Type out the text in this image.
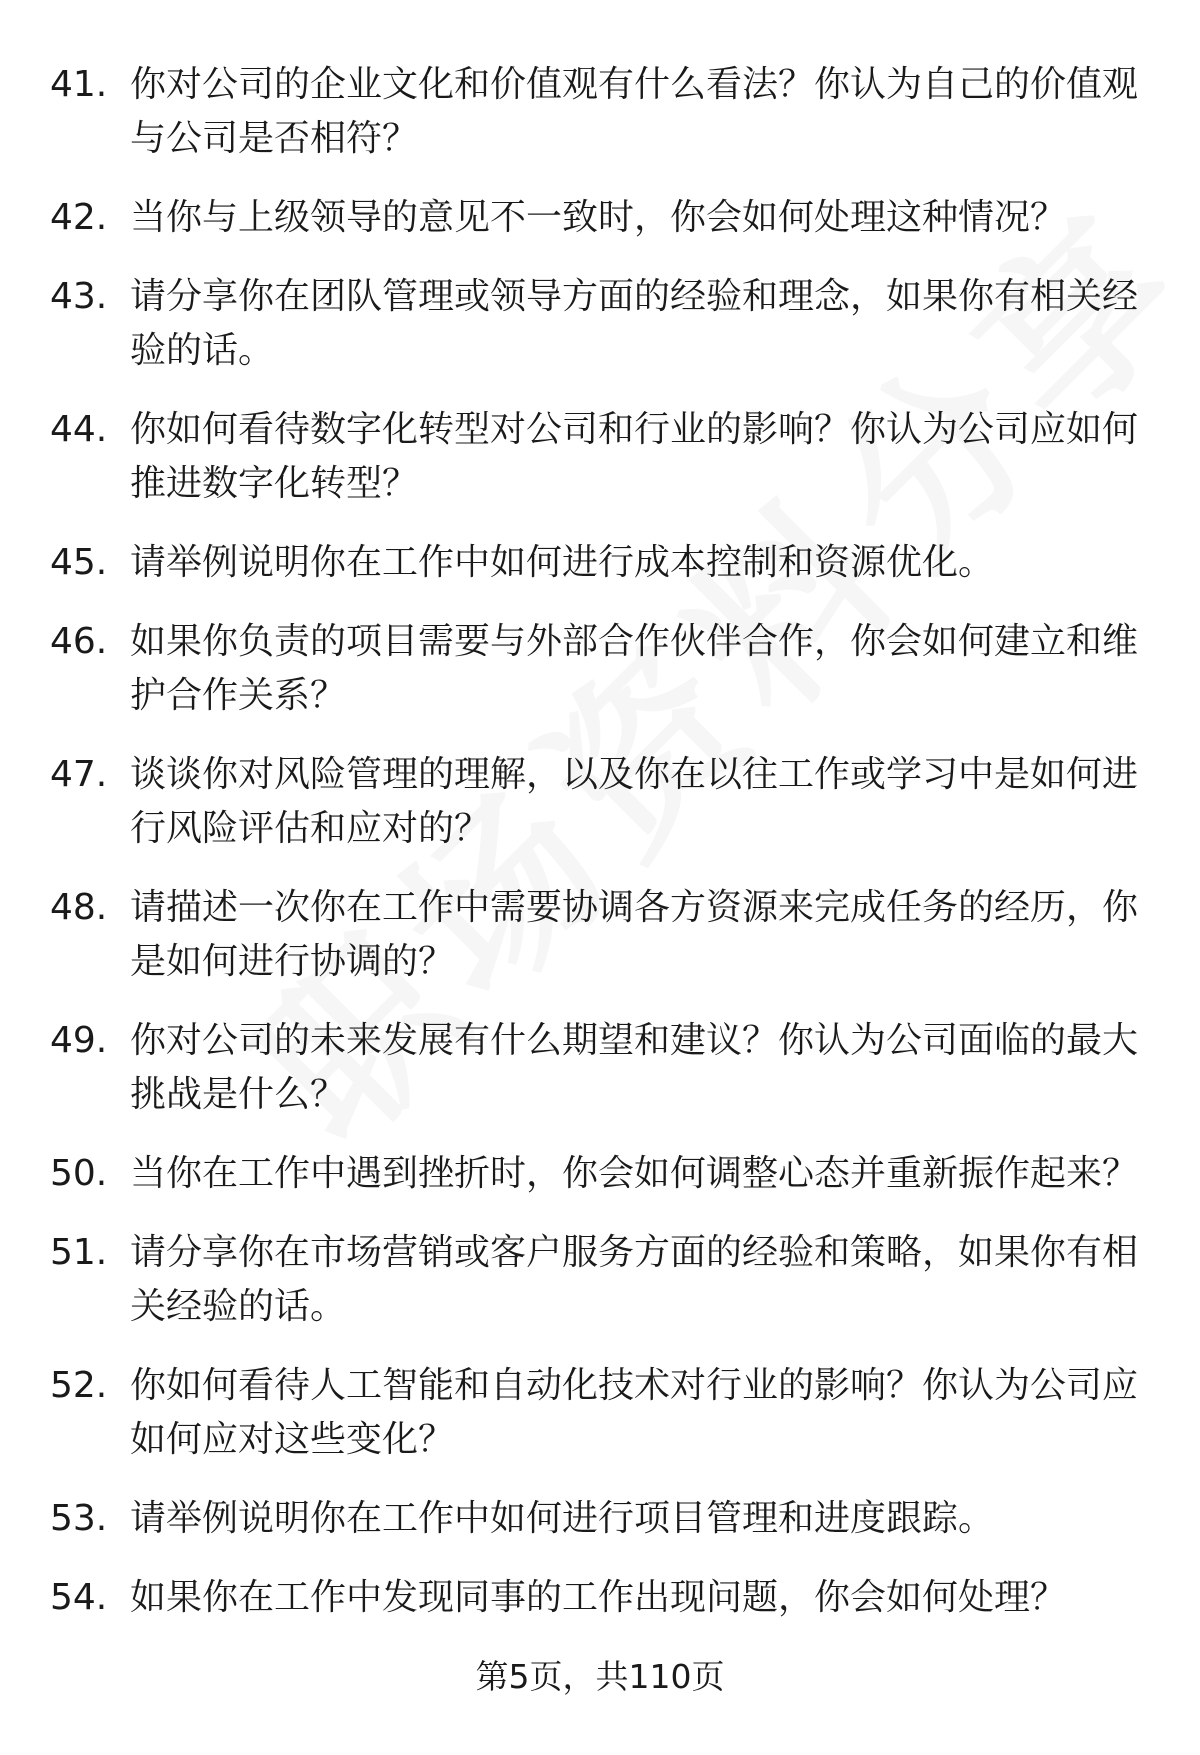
41. 你对公司的企业文化和价值观有什么看法？你认为自己的价值观与公司是否相符？
42. 当你与上级领导的意见不一致时，你会如何处理这种情况？
43. 请分享你在团队管理或领导方面的经验和理念，如果你有相关经验的话。
44. 你如何看待数字化转型对公司和行业的影响？你认为公司应如何推进数字化转型？
45. 请举例说明你在工作中如何进行成本控制和资源优化。
46. 如果你负责的项目需要与外部合作伙伴合作，你会如何建立和维护合作关系？
47. 谈谈你对风险管理的理解，以及你在以往工作或学习中是如何进行风险评估和应对的？
48. 请描述一次你在工作中需要协调各方资源来完成任务的经历，你是如何进行协调的？
49. 你对公司的未来发展有什么期望和建议？你认为公司面临的最大挑战是什么？
50. 当你在工作中遇到挫折时，你会如何调整心态并重新振作起来？
51. 请分享你在市场营销或客户服务方面的经验和策略，如果你有相关经验的话。
52. 你如何看待人工智能和自动化技术对行业的影响？你认为公司应如何应对这些变化？
53. 请举例说明你在工作中如何进行项目管理和进度跟踪。
54. 如果你在工作中发现同事的工作出现问题，你会如何处理？
第5页，共110页
